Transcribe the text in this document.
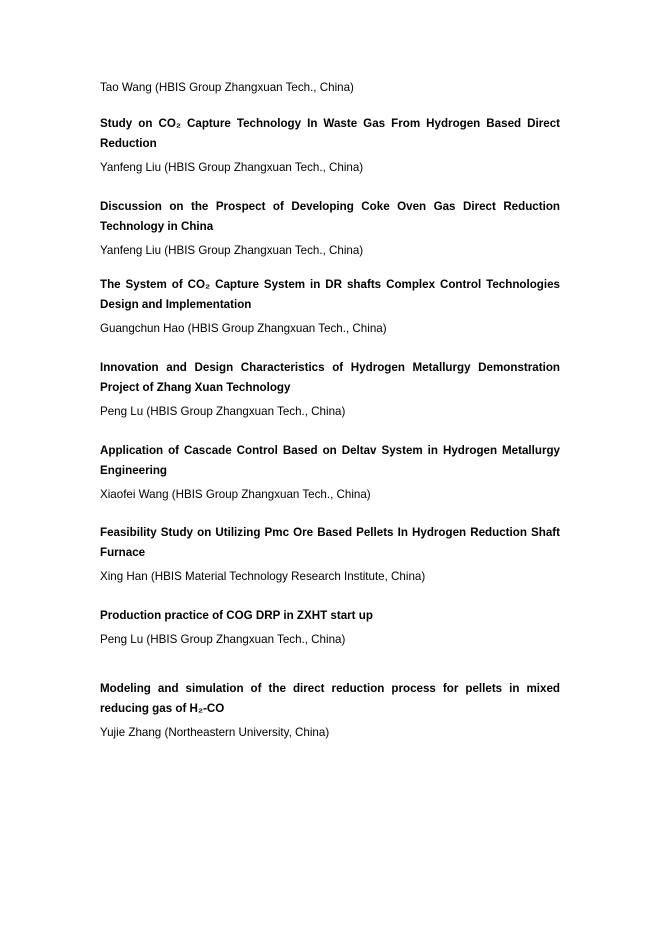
Tao Wang (HBIS Group Zhangxuan Tech., China)

Study on CO₂ Capture Technology In Waste Gas From Hydrogen Based Direct Reduction

Yanfeng Liu (HBIS Group Zhangxuan Tech., China)

Discussion on the Prospect of Developing Coke Oven Gas Direct Reduction Technology in China

Yanfeng Liu (HBIS Group Zhangxuan Tech., China)

The System of CO₂ Capture System in DR shafts Complex Control Technologies Design and Implementation

Guangchun Hao (HBIS Group Zhangxuan Tech., China)

Innovation and Design Characteristics of Hydrogen Metallurgy Demonstration Project of Zhang Xuan Technology

Peng Lu (HBIS Group Zhangxuan Tech., China)

Application of Cascade Control Based on Deltav System in Hydrogen Metallurgy Engineering

Xiaofei Wang (HBIS Group Zhangxuan Tech., China)

Feasibility Study on Utilizing Pmc Ore Based Pellets In Hydrogen Reduction Shaft Furnace

Xing Han (HBIS Material Technology Research Institute, China)

Production practice of COG DRP in ZXHT start up

Peng Lu (HBIS Group Zhangxuan Tech., China)

Modeling and simulation of the direct reduction process for pellets in mixed reducing gas of H₂-CO

Yujie Zhang (Northeastern University, China)
